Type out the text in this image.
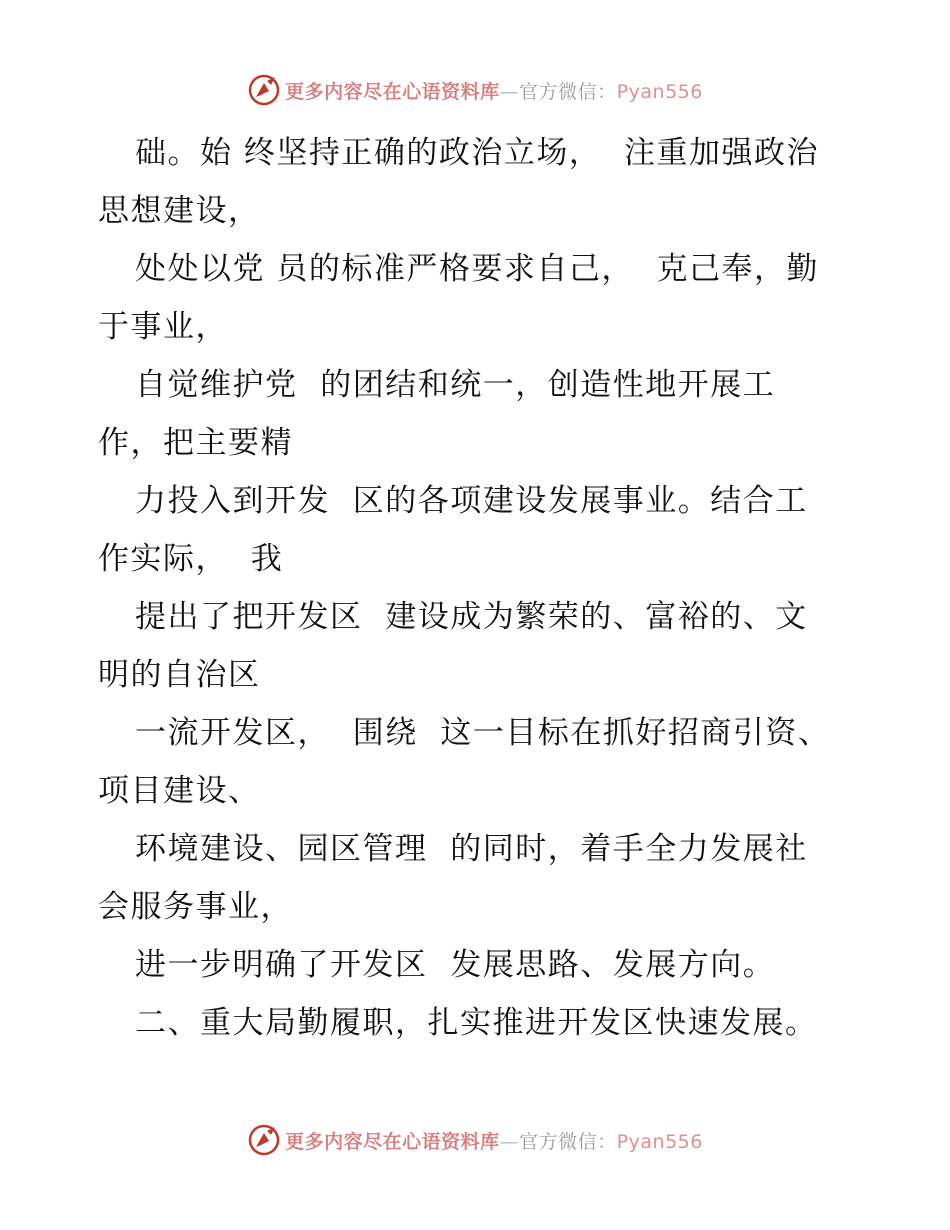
更多内容尽在心语资料库—官方微信：Pyan556
础。始 终坚持正确的政治立场，  注重加强政治
思想建设，
处处以党 员的标准严格要求自己，  克己奉，勤
于事业，
自觉维护党  的团结和统一，创造性地开展工
作，把主要精
力投入到开发  区的各项建设发展事业。结合工
作实际，  我
提出了把开发区  建设成为繁荣的、富裕的、文
明的自治区
一流开发区，  围绕  这一目标在抓好招商引资、
项目建设、
环境建设、园区管理  的同时，着手全力发展社
会服务事业，
进一步明确了开发区  发展思路、发展方向。
二、重大局勤履职，扎实推进开发区快速发展。
更多内容尽在心语资料库—官方微信：Pyan556
